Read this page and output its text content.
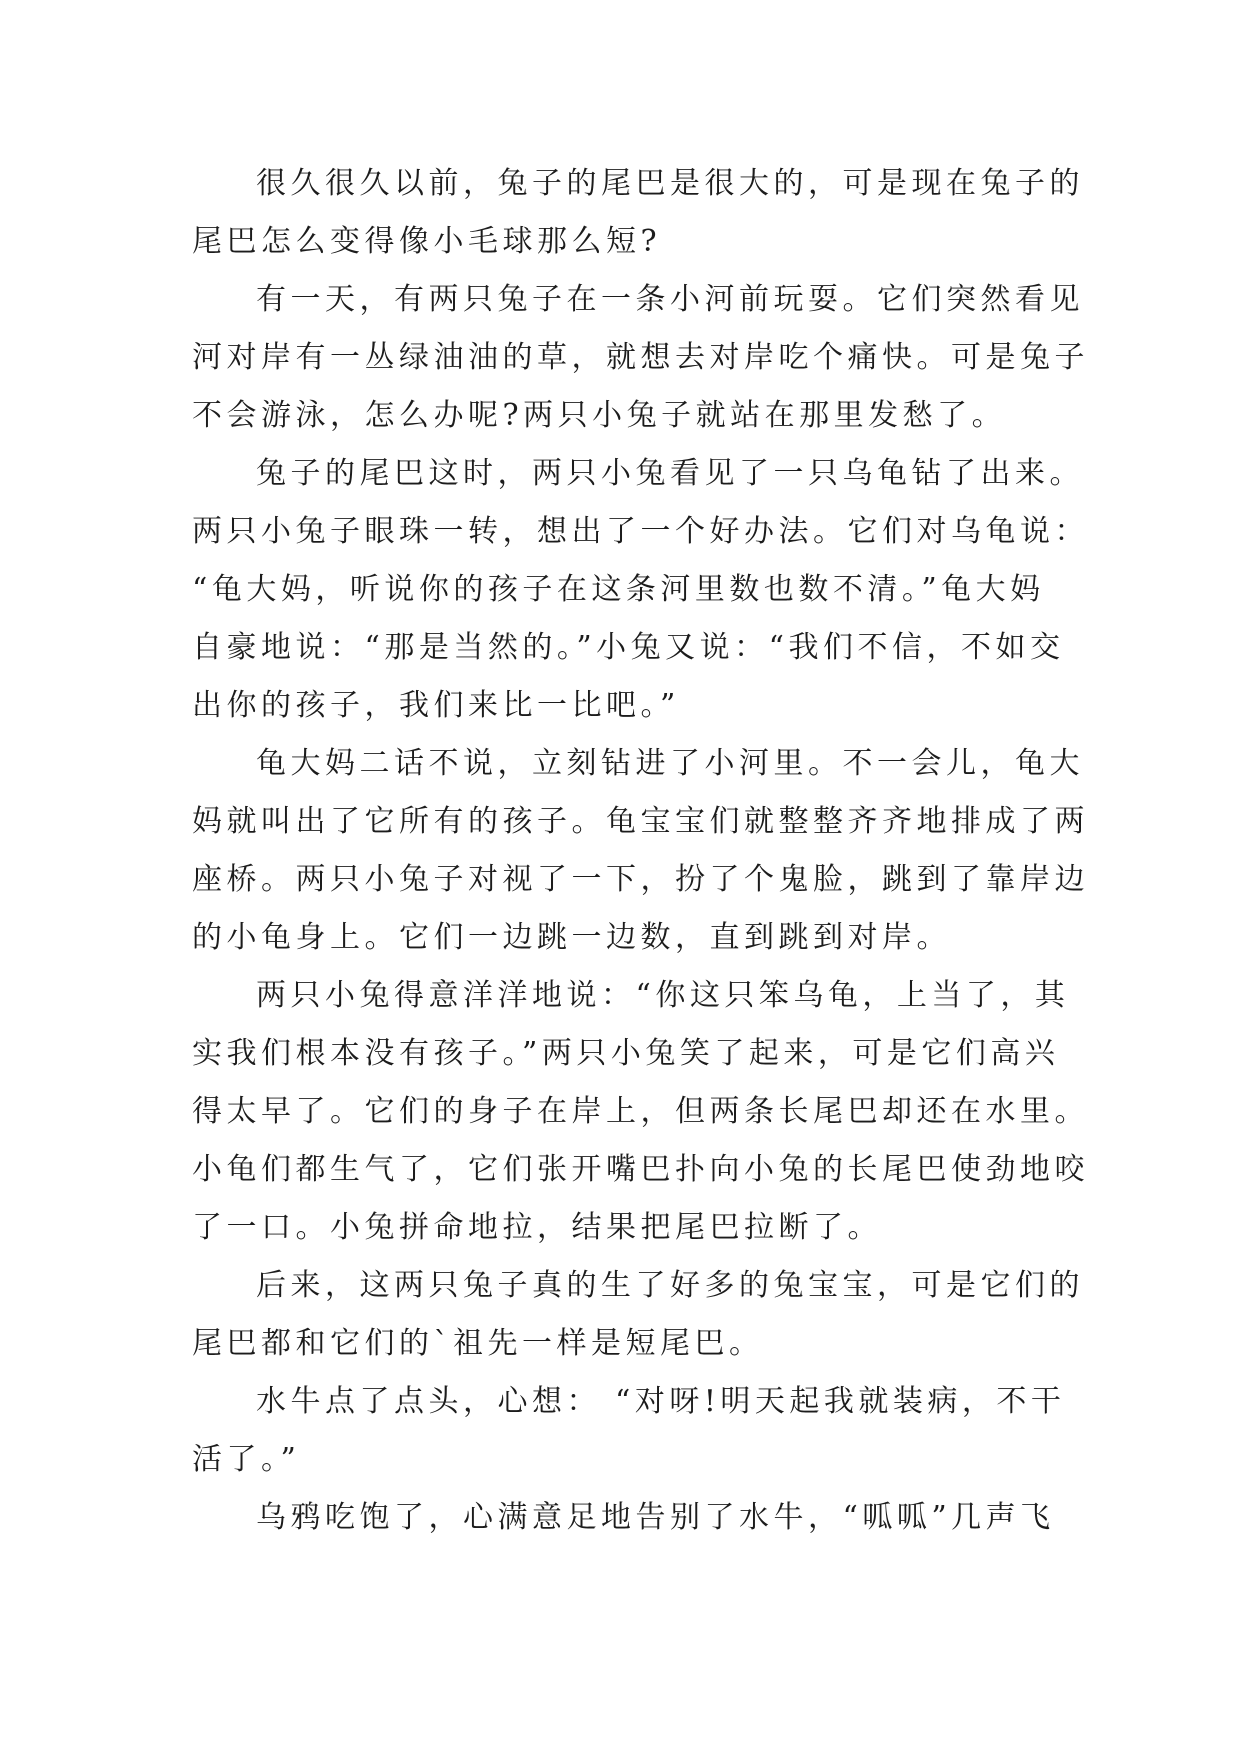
很久很久以前，兔子的尾巴是很大的，可是现在兔子的
尾巴怎么变得像小毛球那么短?
有一天，有两只兔子在一条小河前玩耍。它们突然看见
河对岸有一丛绿油油的草，就想去对岸吃个痛快。可是兔子
不会游泳，怎么办呢?两只小兔子就站在那里发愁了。
兔子的尾巴这时，两只小兔看见了一只乌龟钻了出来。
两只小兔子眼珠一转，想出了一个好办法。它们对乌龟说：
“龟大妈，听说你的孩子在这条河里数也数不清。”龟大妈
自豪地说：“那是当然的。”小兔又说：“我们不信，不如交
出你的孩子，我们来比一比吧。”
龟大妈二话不说，立刻钻进了小河里。不一会儿，龟大
妈就叫出了它所有的孩子。龟宝宝们就整整齐齐地排成了两
座桥。两只小兔子对视了一下，扮了个鬼脸，跳到了靠岸边
的小龟身上。它们一边跳一边数，直到跳到对岸。
两只小兔得意洋洋地说：“你这只笨乌龟，上当了，其
实我们根本没有孩子。”两只小兔笑了起来，可是它们高兴
得太早了。它们的身子在岸上，但两条长尾巴却还在水里。
小龟们都生气了，它们张开嘴巴扑向小兔的长尾巴使劲地咬
了一口。小兔拼命地拉，结果把尾巴拉断了。
后来，这两只兔子真的生了好多的兔宝宝，可是它们的
尾巴都和它们的`祖先一样是短尾巴。
水牛点了点头，心想： “对呀!明天起我就装病，不干
活了。”
乌鸦吃饱了，心满意足地告别了水牛，“呱呱”几声飞
